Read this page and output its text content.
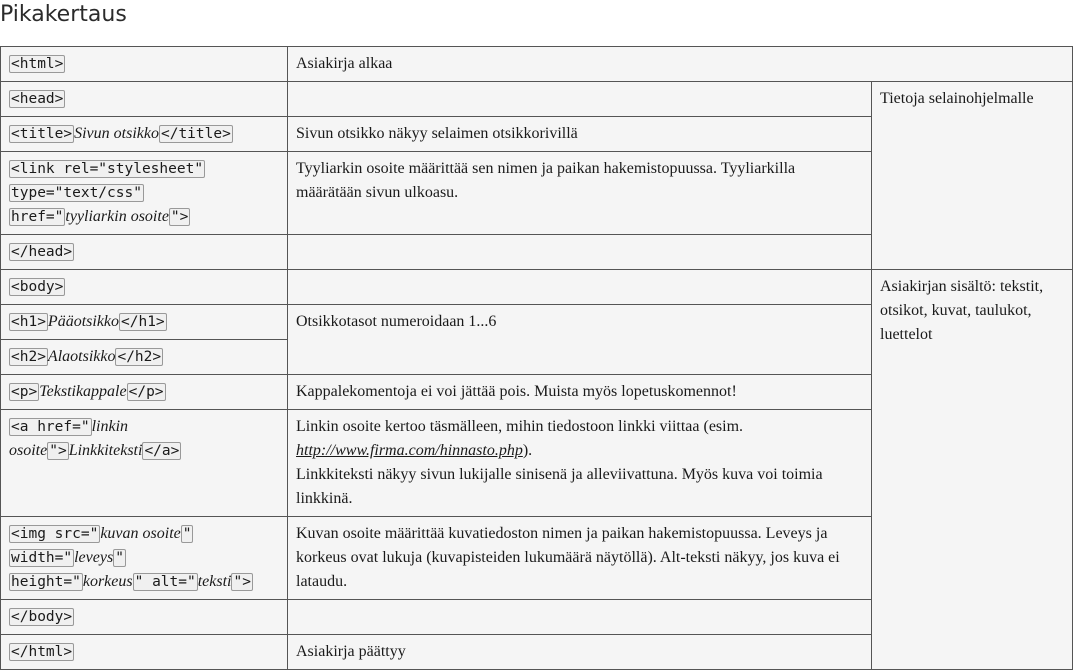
Pikakertaus
<html>	Asiakirja alkaa	
<head>		Tietoja selainohjelmalle
<title> Sivun otsikko </title>	Sivun otsikko näkyy selaimen otsikkorivillä	
<link rel="stylesheet"
type="text/css"
href=" tyyliarkin osoite ">	Tyyliarkin osoite määrittää sen nimen ja paikan hakemistopuussa. Tyyliarkilla määrätään sivun ulkoasu.	
</head>		
<body>		Asiakirjan sisältö: tekstit, otsikot, kuvat, taulukot, luettelot
<h1> Pääotsikko </h1>	Otsikkotasot numeroidaan 1...6	
<h2> Alaotsikko </h2>		
<p> Tekstikappale </p>	Kappalekomentoja ei voi jättää pois. Muista myös lopetuskomennot!	
<a href=" linkin osoite "> Linkkiteksti </a>	Linkin osoite kertoo täsmälleen, mihin tiedostoon linkki viittaa (esim. http://www.firma.com/hinnasto.php).
Linkkiteksti näkyy sivun lukijalle sinisenä ja alleviivattuna. Myös kuva voi toimia linkkinä.	
<img src=" kuvan osoite "
width=" leveys "
height=" korkeus " alt=" teksti ">	Kuvan osoite määrittää kuvatiedoston nimen ja paikan hakemistopuussa. Leveys ja korkeus ovat lukuja (kuvapisteiden lukumäärä näytöllä). Alt-teksti näkyy, jos kuva ei lataudu.	
</body>		
</html>	Asiakirja päättyy	
